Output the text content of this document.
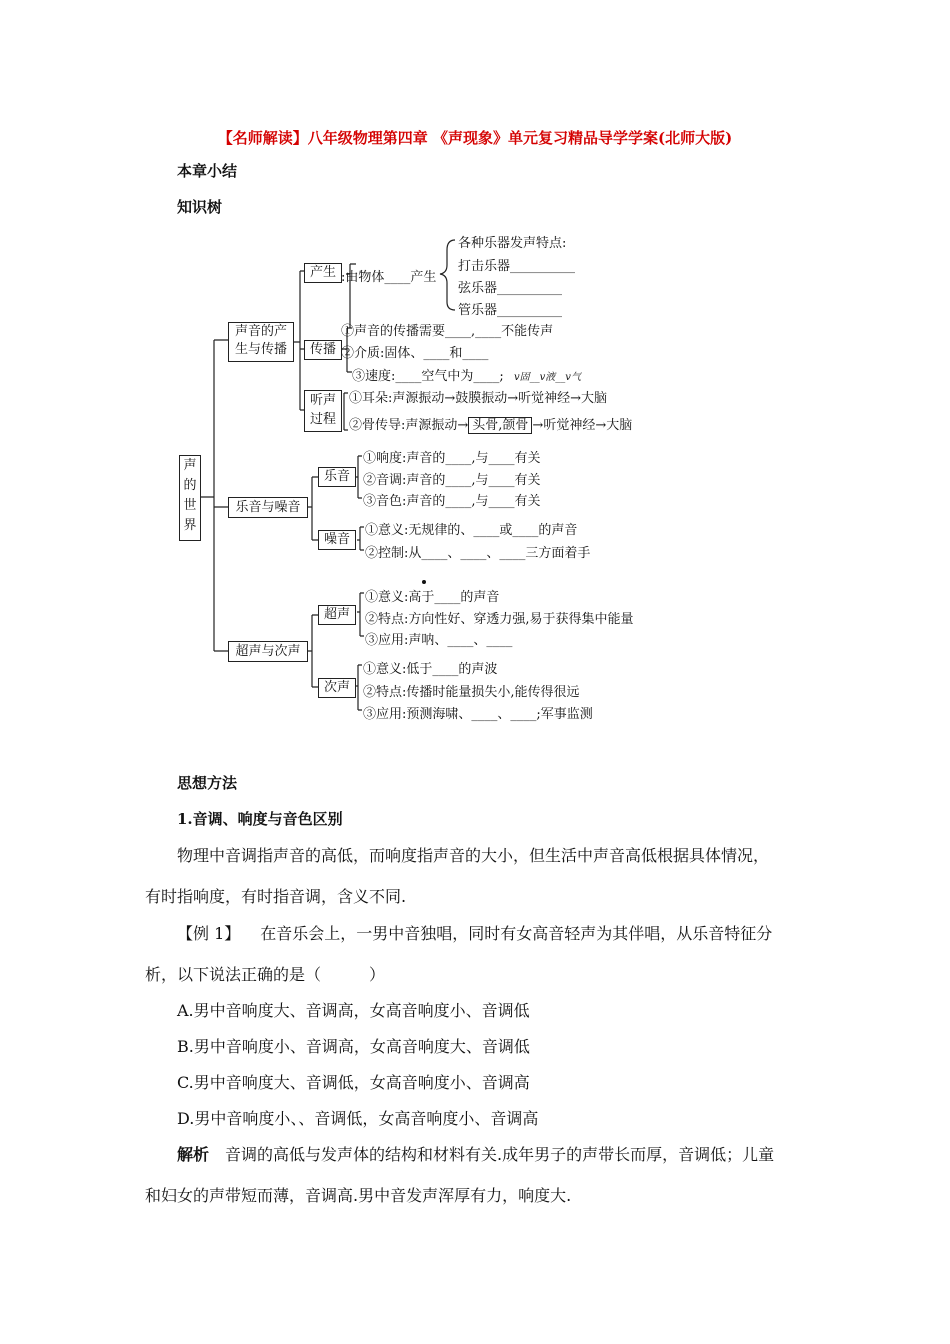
【名师解读】八年级物理第四章 《声现象》单元复习精品导学学案(北师大版)
本章小结
知识树
声
的
世
界
声音的产
生与传播
乐音与噪音
超声与次声
产生 :由物体____产生
各种乐器发声特点:
打击乐器__________
弦乐器__________
管乐器__________
传播
①声音的传播需要____,____不能传声
②介质:固体、____和____
③速度:____空气中为____; v固__v液__v气
听声
过程
①耳朵:声源振动→鼓膜振动→听觉神经→大脑
②骨传导:声源振动→ 头骨,颌骨 →听觉神经→大脑
乐音
①响度:声音的____,与____有关
②音调:声音的____,与____有关
③音色:声音的____,与____有关
噪音
①意义:无规律的、____或____的声音
②控制:从____、____、____三方面着手
超声
①意义:高于____的声音
②特点:方向性好、穿透力强,易于获得集中能量
③应用:声呐、____、____
次声
①意义:低于____的声波
②特点:传播时能量损失小,能传得很远
③应用:预测海啸、____、____;军事监测
思想方法
1.音调、响度与音色区别
物理中音调指声音的高低，而响度指声音的大小，但生活中声音高低根据具体情况，
有时指响度，有时指音调，含义不同.
【例 1】 在音乐会上，一男中音独唱，同时有女高音轻声为其伴唱，从乐音特征分
析，以下说法正确的是（　　　）
A.男中音响度大、音调高，女高音响度小、音调低
B.男中音响度小、音调高，女高音响度大、音调低
C.男中音响度大、音调低，女高音响度小、音调高
D.男中音响度小、、音调低，女高音响度小、音调高
解析 音调的高低与发声体的结构和材料有关.成年男子的声带长而厚，音调低；儿童
和妇女的声带短而薄，音调高.男中音发声浑厚有力，响度大.
